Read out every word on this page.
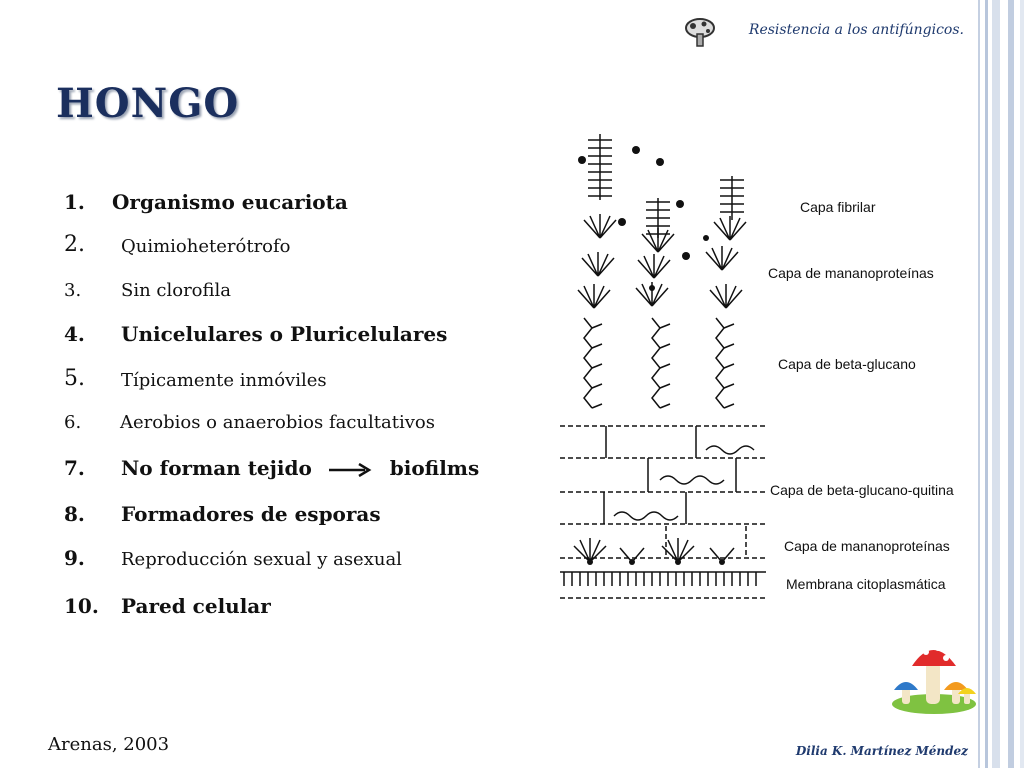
Resistencia a los antifúngicos.
HONGO
1. Organismo eucariota
2. Quimioheterótrofo
3. Sin clorofila
4. Unicelulares o Pluricelulares
5. Típicamente inmóviles
6. Aerobios o anaerobios facultativos
7. No forman tejido	biofilms
8. Formadores de esporas
9. Reproducción sexual y asexual
10. Pared celular
Capa fibrilar
Capa de mananoproteínas
Capa de beta-glucano
Capa de beta-glucano-quitina
Capa de mananoproteínas
Membrana citoplasmática
Arenas, 2003	Dilia K. Martínez Méndez
